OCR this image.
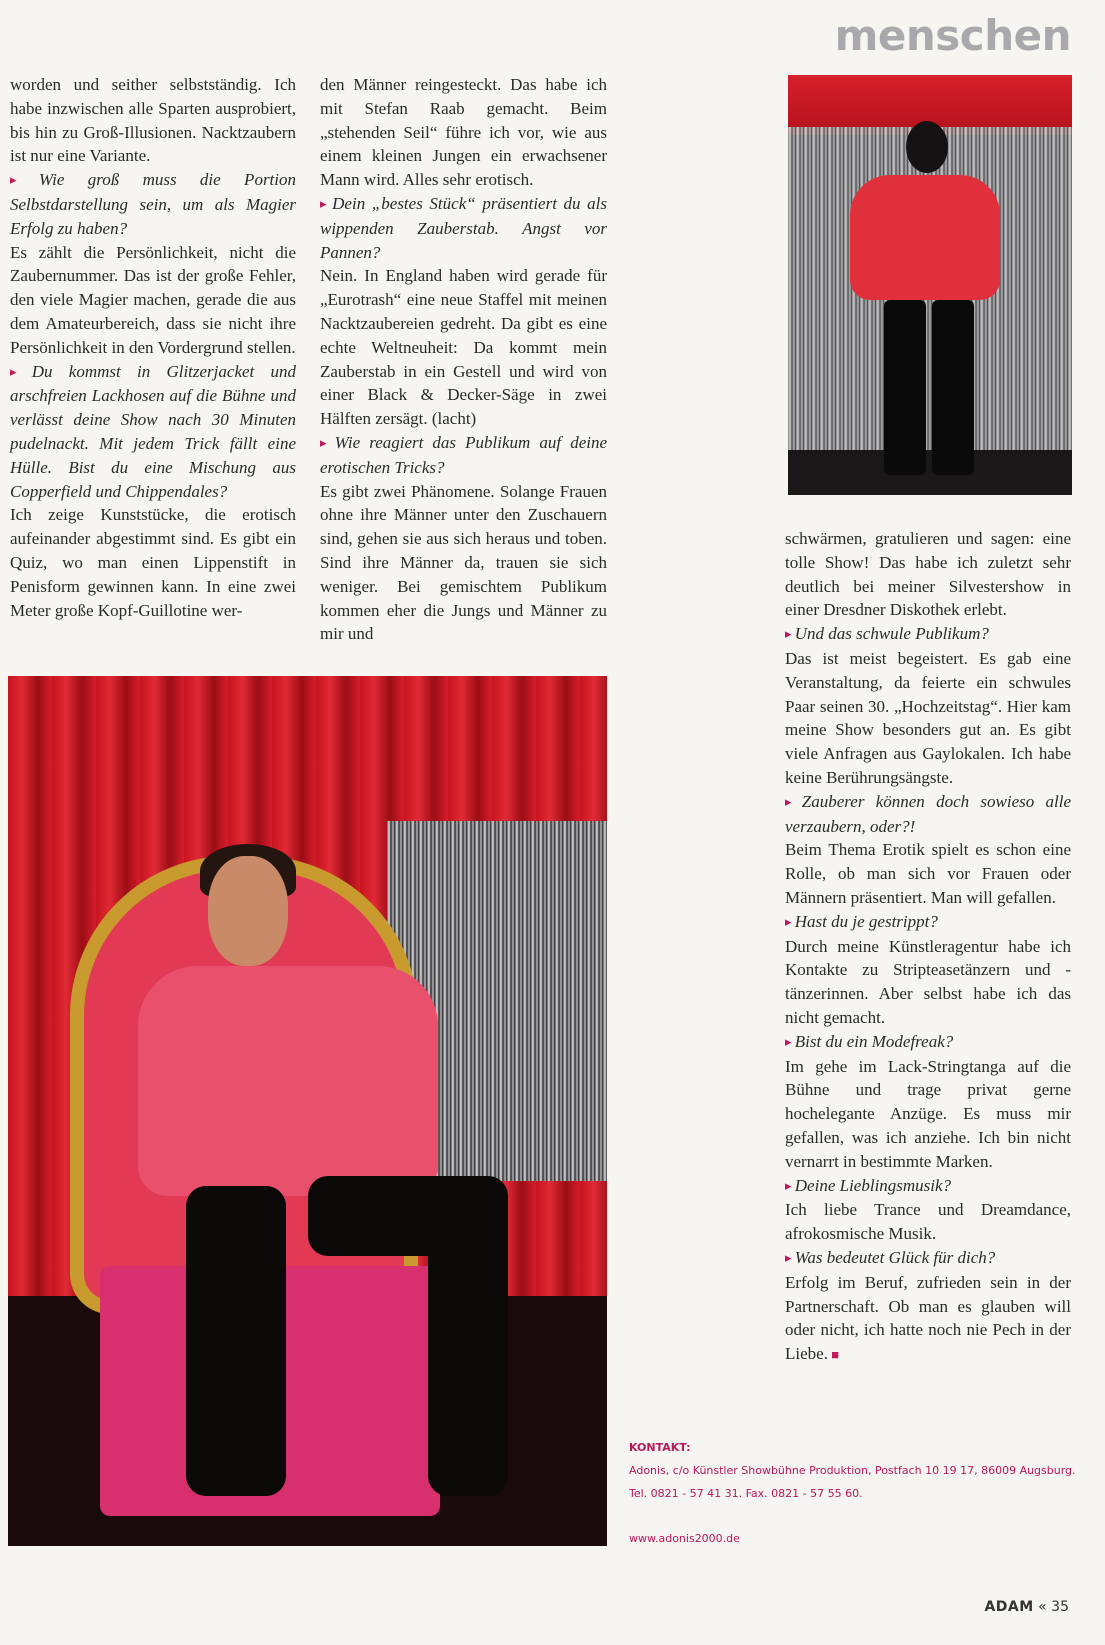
menschen

worden und seither selbstständig. Ich habe inzwischen alle Sparten ausprobiert, bis hin zu Groß-Illusionen. Nacktzaubern ist nur eine Variante.

▸ Wie groß muss die Portion Selbstdarstellung sein, um als Magier Erfolg zu haben?

Es zählt die Persönlichkeit, nicht die Zaubernummer. Das ist der große Fehler, den viele Magier machen, gerade die aus dem Amateurbereich, dass sie nicht ihre Persönlichkeit in den Vordergrund stellen.

▸ Du kommst in Glitzerjacket und arschfreien Lackhosen auf die Bühne und verlässt deine Show nach 30 Minuten pudelnackt. Mit jedem Trick fällt eine Hülle. Bist du eine Mischung aus Copperfield und Chippendales?

Ich zeige Kunststücke, die erotisch aufeinander abgestimmt sind. Es gibt ein Quiz, wo man einen Lippenstift in Penisform gewinnen kann. In eine zwei Meter große Kopf-Guillotine wer-

den Männer reingesteckt. Das habe ich mit Stefan Raab gemacht. Beim „stehenden Seil“ führe ich vor, wie aus einem kleinen Jungen ein erwachsener Mann wird. Alles sehr erotisch.

▸ Dein „bestes Stück“ präsentiert du als wippenden Zauberstab. Angst vor Pannen?

Nein. In England haben wird gerade für „Eurotrash“ eine neue Staffel mit meinen Nacktzaubereien gedreht. Da gibt es eine echte Weltneuheit: Da kommt mein Zauberstab in ein Gestell und wird von einer Black & Decker-Säge in zwei Hälften zersägt. (lacht)

▸ Wie reagiert das Publikum auf deine erotischen Tricks?

Es gibt zwei Phänomene. Solange Frauen ohne ihre Männer unter den Zuschauern sind, gehen sie aus sich heraus und toben. Sind ihre Männer da, trauen sie sich weniger. Bei gemischtem Publikum kommen eher die Jungs und Männer zu mir und

schwärmen, gratulieren und sagen: eine tolle Show! Das habe ich zuletzt sehr deutlich bei meiner Silvestershow in einer Dresdner Diskothek erlebt.

▸ Und das schwule Publikum?

Das ist meist begeistert. Es gab eine Veranstaltung, da feierte ein schwules Paar seinen 30. „Hochzeitstag“. Hier kam meine Show besonders gut an. Es gibt viele Anfragen aus Gaylokalen. Ich habe keine Berührungsängste.

▸ Zauberer können doch sowieso alle verzaubern, oder?!

Beim Thema Erotik spielt es schon eine Rolle, ob man sich vor Frauen oder Männern präsentiert. Man will gefallen.

▸ Hast du je gestrippt?

Durch meine Künstleragentur habe ich Kontakte zu Stripteasetänzern und -tänzerinnen. Aber selbst habe ich das nicht gemacht.

▸ Bist du ein Modefreak?

Im gehe im Lack-Stringtanga auf die Bühne und trage privat gerne hochelegante Anzüge. Es muss mir gefallen, was ich anziehe. Ich bin nicht vernarrt in bestimmte Marken.

▸ Deine Lieblingsmusik?

Ich liebe Trance und Dreamdance, afrokosmische Musik.

▸ Was bedeutet Glück für dich?

Erfolg im Beruf, zufrieden sein in der Partnerschaft. Ob man es glauben will oder nicht, ich hatte noch nie Pech in der Liebe. ■

KONTAKT:
Adonis, c/o Künstler Showbühne Produktion, Postfach 10 19 17, 86009 Augsburg.
Tel. 0821 - 57 41 31. Fax. 0821 - 57 55 60.
www.adonis2000.de
ADAM « 35
